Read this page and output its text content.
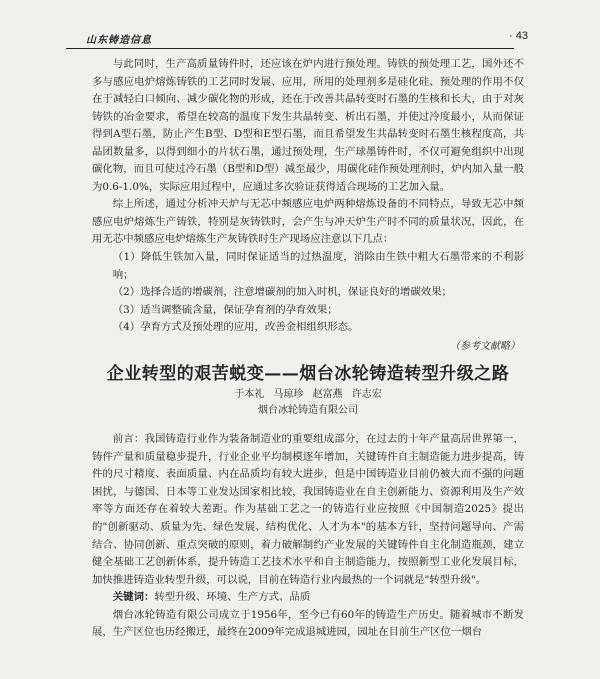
山东铸造信息	· 43

与此同时，生产高质量铸件时，还应该在炉内进行预处理。铸铁的预处理工艺，国外还不多与感应电炉熔炼铸铁的工艺同时发展、应用，所用的处理剂多是硅化硅、预处理的作用不仅在于减轻白口倾向、减少碳化物的形成，还在于改善共晶转变时石墨的生核和长大，由于对灰铸铁的冶金要求，希望在较高的温度下发生共晶转变、析出石墨，并使过冷度最小，从而保证得到A型石墨，防止产生B型、D型和E型石墨，而且希望发生共晶转变时石墨生核程度高，共晶团数量多，以得到细小的片状石墨，通过预处理，生产球墨铸件时，不仅可避免组织中出现碳化物，而且可使过冷石墨（B型和D型）减至最少，用碳化硅作预处理剂时，炉内加入量一般为0.6-1.0%，实际应用过程中，应通过多次验证获得适合现场的工艺加入量。

综上所述，通过分析冲天炉与无芯中频感应电炉两种熔炼设备的不同特点，导致无芯中频感应电炉熔炼生产铸铁，特别是灰铸铁时，会产生与冲天炉生产时不同的质量状况，因此，在用无芯中频感应电炉熔炼生产灰铸铁时生产现场应注意以下几点：

（1）降低生铁加入量，同时保证适当的过热温度，消除由生铁中粗大石墨带来的不利影响；

（2）选择合适的增碳剂，注意增碳剂的加入时机，保证良好的增碳效果；

（3）适当调整硫含量，保证孕育剂的孕育效果；

（4）孕育方式及预处理的应用，改善金相组织形态。

（参考文献略）
企业转型的艰苦蜕变——烟台冰轮铸造转型升级之路
于本礼 马琼珍 赵富燕 许志宏
烟台冰轮铸造有限公司

前言：我国铸造行业作为装备制造业的重要组成部分，在过去的十年产量高居世界第一，铸件产量和质量稳步提升，行业企业平均制模逐年增加，关键铸件自主制造能力进步提高，铸件的尺寸精度、表面质量、内在品质均有较大进步，但是中国铸造业目前仍被大而不强的问题困扰，与德国、日本等工业发达国家相比较，我国铸造业在自主创新能力、资源利用及生产效率等方面还存在着较大差距。作为基础工艺之一的铸造行业应按照《中国制造2025》提出的"创新驱动、质量为先、绿色发展、结构优化、人才为本"的基本方针，坚持问题导向、产需结合、协同创新、重点突破的原则，着力破解制约产业发展的关键铸件自主化制造瓶颈，建立健全基础工艺创新体系，提升铸造工艺技术水平和自主制造能力，按照新型工业化发展目标，加快推进铸造业转型升级，可以说，目前在铸造行业内最热的一个词就是"转型升级"。

关键词：转型升级、环境、生产方式、品质

烟台冰轮铸造有限公司成立于1956年，至今已有60年的铸造生产历史。随着城市不断发展，生产区位也历经搬迁，最终在2009年完成退城进园，园址在目前生产区位一烟台
